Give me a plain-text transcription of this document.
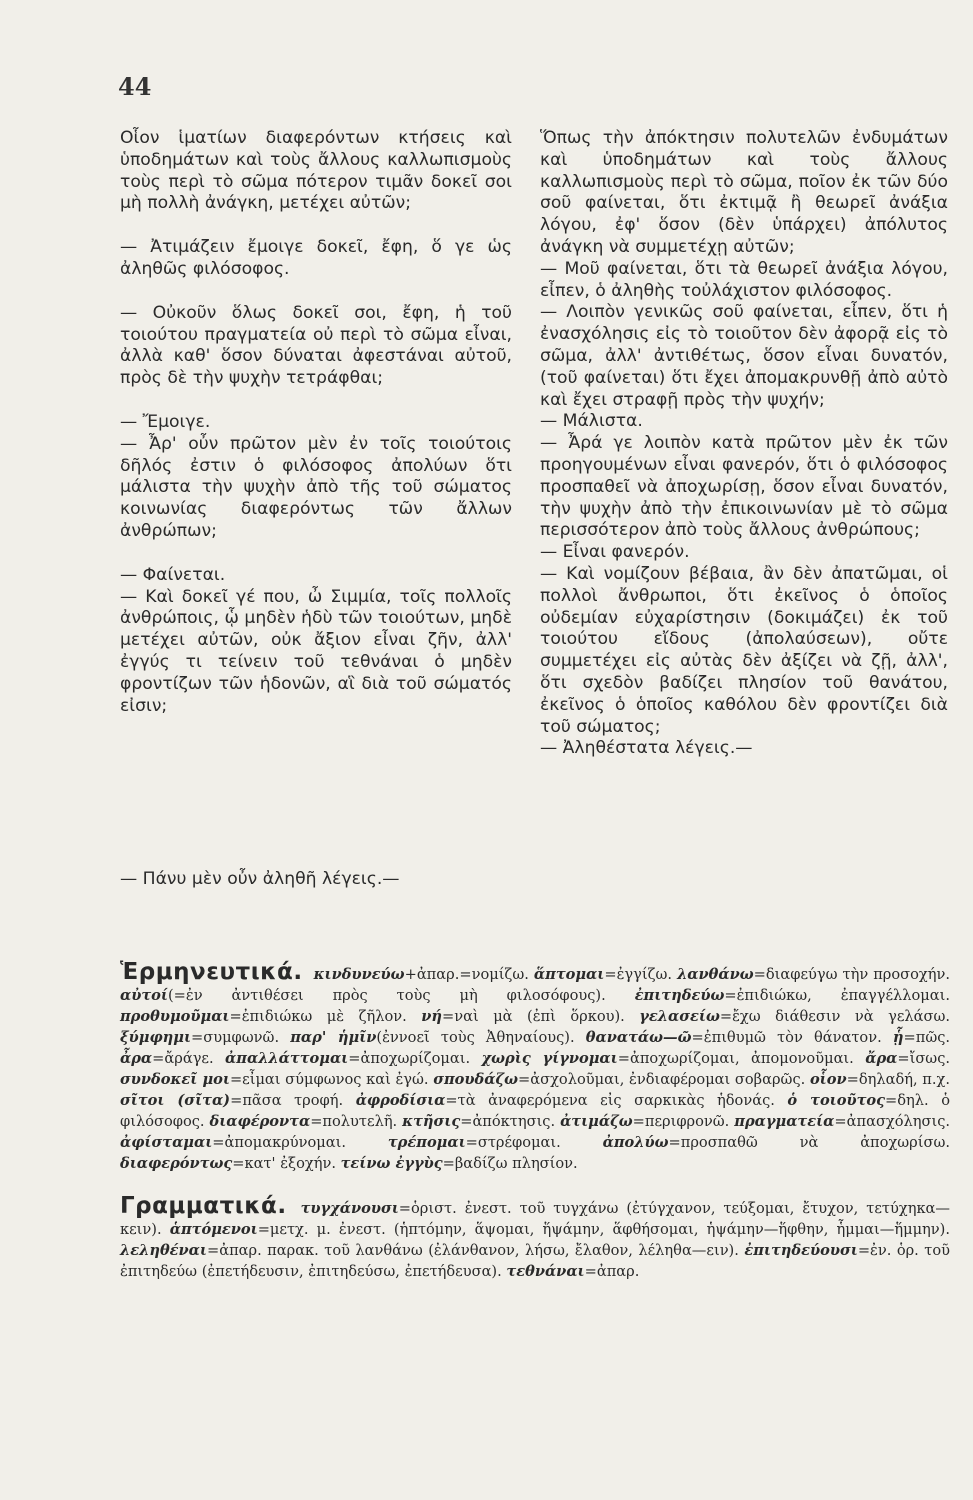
44

Οἷον ἱματίων διαφερόντων κτήσεις καὶ ὑποδημάτων καὶ τοὺς ἄλλους καλλωπισμοὺς τοὺς περὶ τὸ σῶμα πότερον τιμᾶν δοκεῖ σοι μὴ πολλὴ ἀνάγκη, μετέχει αὐτῶν;

— Ἀτιμάζειν ἔμοιγε δοκεῖ, ἔφη, ὅ γε ὡς ἀληθῶς φιλόσοφος.

— Οὐκοῦν ὅλως δοκεῖ σοι, ἔφη, ἡ τοῦ τοιούτου πραγματεία οὐ περὶ τὸ σῶμα εἶναι, ἀλλὰ καθ' ὅσον δύναται ἀφεστάναι αὐτοῦ, πρὸς δὲ τὴν ψυχὴν τετράφθαι;

— Ἔμοιγε.

— Ἆρ' οὖν πρῶτον μὲν ἐν τοῖς τοιούτοις δῆλός ἐστιν ὁ φιλόσοφος ἀπολύων ὅτι μάλιστα τὴν ψυχὴν ἀπὸ τῆς τοῦ σώματος κοινωνίας διαφερόντως τῶν ἄλλων ἀνθρώπων;

— Φαίνεται.

— Καὶ δοκεῖ γέ που, ὦ Σιμμία, τοῖς πολλοῖς ἀνθρώποις, ᾧ μηδὲν ἡδὺ τῶν τοιούτων, μηδὲ μετέχει αὐτῶν, οὐκ ἄξιον εἶναι ζῆν, ἀλλ' ἐγγύς τι τείνειν τοῦ τεθνάναι ὁ μηδὲν φροντίζων τῶν ἡδονῶν, αἳ διὰ τοῦ σώματός εἰσιν;

— Πάνυ μὲν οὖν ἀληθῆ λέγεις.—

Ὅπως τὴν ἀπόκτησιν πολυτελῶν ἐνδυμάτων καὶ ὑποδημάτων καὶ τοὺς ἄλλους καλλωπισμοὺς περὶ τὸ σῶμα, ποῖον ἐκ τῶν δύο σοῦ φαίνεται, ὅτι ἐκτιμᾷ ἢ θεωρεῖ ἀνάξια λόγου, ἐφ' ὅσον (δὲν ὑπάρχει) ἀπόλυτος ἀνάγκη νὰ συμμετέχῃ αὐτῶν;

— Μοῦ φαίνεται, ὅτι τὰ θεωρεῖ ἀνάξια λόγου, εἶπεν, ὁ ἀληθὴς τοὐλάχιστον φιλόσοφος.

— Λοιπὸν γενικῶς σοῦ φαίνεται, εἶπεν, ὅτι ἡ ἐνασχόλησις εἰς τὸ τοιοῦτον δὲν ἀφορᾷ εἰς τὸ σῶμα, ἀλλ' ἀντιθέτως, ὅσον εἶναι δυνατόν, (τοῦ φαίνεται) ὅτι ἔχει ἀπομακρυνθῇ ἀπὸ αὐτὸ καὶ ἔχει στραφῇ πρὸς τὴν ψυχήν;

— Μάλιστα.

— Ἆρά γε λοιπὸν κατὰ πρῶτον μὲν ἐκ τῶν προηγουμένων εἶναι φανερόν, ὅτι ὁ φιλόσοφος προσπαθεῖ νὰ ἀποχωρίσῃ, ὅσον εἶναι δυνατόν, τὴν ψυχὴν ἀπὸ τὴν ἐπικοινωνίαν μὲ τὸ σῶμα περισσότερον ἀπὸ τοὺς ἄλλους ἀνθρώπους;

— Εἶναι φανερόν.

— Καὶ νομίζουν βέβαια, ἂν δὲν ἀπατῶμαι, οἱ πολλοὶ ἄνθρωποι, ὅτι ἐκεῖνος ὁ ὁποῖος οὐδεμίαν εὐχαρίστησιν (δοκιμάζει) ἐκ τοῦ τοιούτου εἴδους (ἀπολαύσεων), οὔτε συμμετέχει εἰς αὐτὰς δὲν ἀξίζει νὰ ζῇ, ἀλλ', ὅτι σχεδὸν βαδίζει πλησίον τοῦ θανάτου, ἐκεῖνος ὁ ὁποῖος καθόλου δὲν φροντίζει διὰ τοῦ σώματος;

— Ἀληθέστατα λέγεις.—

Ἑρμηνευτικά. κινδυνεύω+ἀπαρ.=νομίζω. ἅπτομαι=ἐγγίζω. λανθάνω=διαφεύγω τὴν προσοχήν. αὐτοί(=ἐν ἀντιθέσει πρὸς τοὺς μὴ φιλοσόφους). ἐπιτηδεύω=ἐπιδιώκω, ἐπαγγέλλομαι. προθυμοῦμαι=ἐπιδιώκω μὲ ζῆλον. νή=ναὶ μὰ (ἐπὶ ὅρκου). γελασείω=ἔχω διάθεσιν νὰ γελάσω. ξύμφημι=συμφωνῶ. παρ' ἡμῖν(ἐννοεῖ τοὺς Ἀθηναίους). θανατάω—ῶ=ἐπιθυμῶ τὸν θάνατον. ᾗ=πῶς. ἆρα=ἄράγε. ἀπαλλάττομαι=ἀποχωρίζομαι. χωρὶς γίγνομαι=ἀποχωρίζομαι, ἀπομονοῦμαι. ἄρα=ἴσως. συνδοκεῖ μοι=εἶμαι σύμφωνος καὶ ἐγώ. σπουδάζω=ἀσχολοῦμαι, ἐνδιαφέρομαι σοβαρῶς. οἷον=δηλαδή, π.χ. σῖτοι (σῖτα)=πᾶσα τροφή. ἀφροδίσια=τὰ ἀναφερόμενα εἰς σαρκικὰς ἡδονάς. ὁ τοιοῦτος=δηλ. ὁ φιλόσοφος. διαφέροντα=πολυτελῆ. κτῆσις=ἀπόκτησις. ἀτιμάζω=περιφρονῶ. πραγματεία=ἀπασχόλησις. ἀφίσταμαι=ἀπομακρύνομαι.	τρέπομαι=στρέφομαι.	ἀπολύω=προσπαθῶ νὰ ἀποχωρίσω. διαφερόντως=κατ' ἐξοχήν. τείνω ἐγγὺς=βαδίζω πλησίον.

Γραμματικά. τυγχάνουσι=ὁριστ. ἐνεστ. τοῦ τυγχάνω (ἐτύγχανον, τεύξομαι, ἔτυχον, τετύχηκα—κειν). ἁπτόμενοι=μετχ. μ. ἐνεστ. (ἡπτόμην, ἅψομαι, ἥψάμην, ἅφθήσομαι, ἡψάμην—ἥφθην, ἧμμαι—ἥμμην). λεληθέναι=ἀπαρ. παρακ. τοῦ λανθάνω (ἐλάνθανον, λήσω, ἔλαθον, λέληθα—ειν). ἐπιτηδεύουσι=ἐν. ὁρ. τοῦ ἐπιτηδεύω (ἐπετήδευσιν, ἐπιτηδεύσω, ἐπετήδευσα). τεθνάναι=ἀπαρ.
